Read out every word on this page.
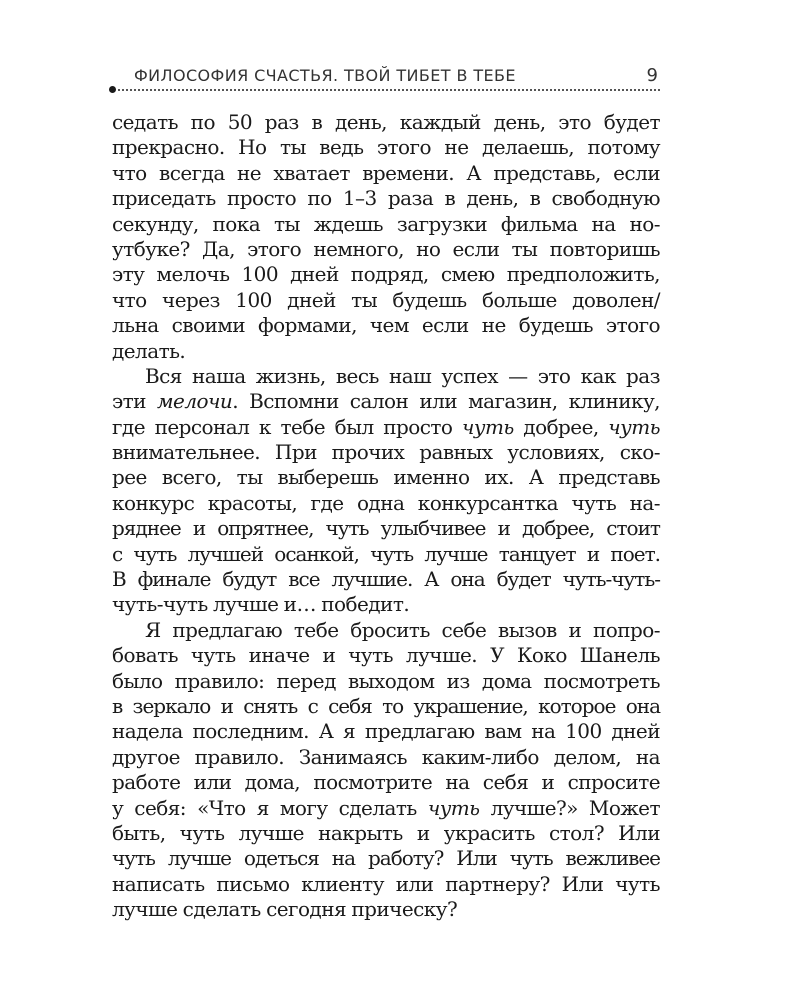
ФИЛОСОФИЯ СЧАСТЬЯ. ТВОЙ ТИБЕТ В ТЕБЕ	9
седать по 50 раз в день, каждый день, это будет
прекрасно. Но ты ведь этого не делаешь, потому
что всегда не хватает времени. А представь, если
приседать просто по 1–3 раза в день, в свободную
секунду, пока ты ждешь загрузки фильма на но-
утбуке? Да, этого немного, но если ты повторишь
эту мелочь 100 дней подряд, смею предположить,
что через 100 дней ты будешь больше доволен/
льна своими формами, чем если не будешь этого
делать.
Вся наша жизнь, весь наш успех — это как раз
эти мелочи. Вспомни салон или магазин, клинику,
где персонал к тебе был просто чуть добрее, чуть
внимательнее. При прочих равных условиях, ско-
рее всего, ты выберешь именно их. А представь
конкурс красоты, где одна конкурсантка чуть на-
ряднее и опрятнее, чуть улыбчивее и добрее, стоит
с чуть лучшей осанкой, чуть лучше танцует и поет.
В финале будут все лучшие. А она будет чуть-чуть-
чуть-чуть лучше и… победит.
Я предлагаю тебе бросить себе вызов и попро-
бовать чуть иначе и чуть лучше. У Коко Шанель
было правило: перед выходом из дома посмотреть
в зеркало и снять с себя то украшение, которое она
надела последним. А я предлагаю вам на 100 дней
другое правило. Занимаясь каким-либо делом, на
работе или дома, посмотрите на себя и спросите
у себя: «Что я могу сделать чуть лучше?» Может
быть, чуть лучше накрыть и украсить стол? Или
чуть лучше одеться на работу? Или чуть вежливее
написать письмо клиенту или партнеру? Или чуть
лучше сделать сегодня прическу?
